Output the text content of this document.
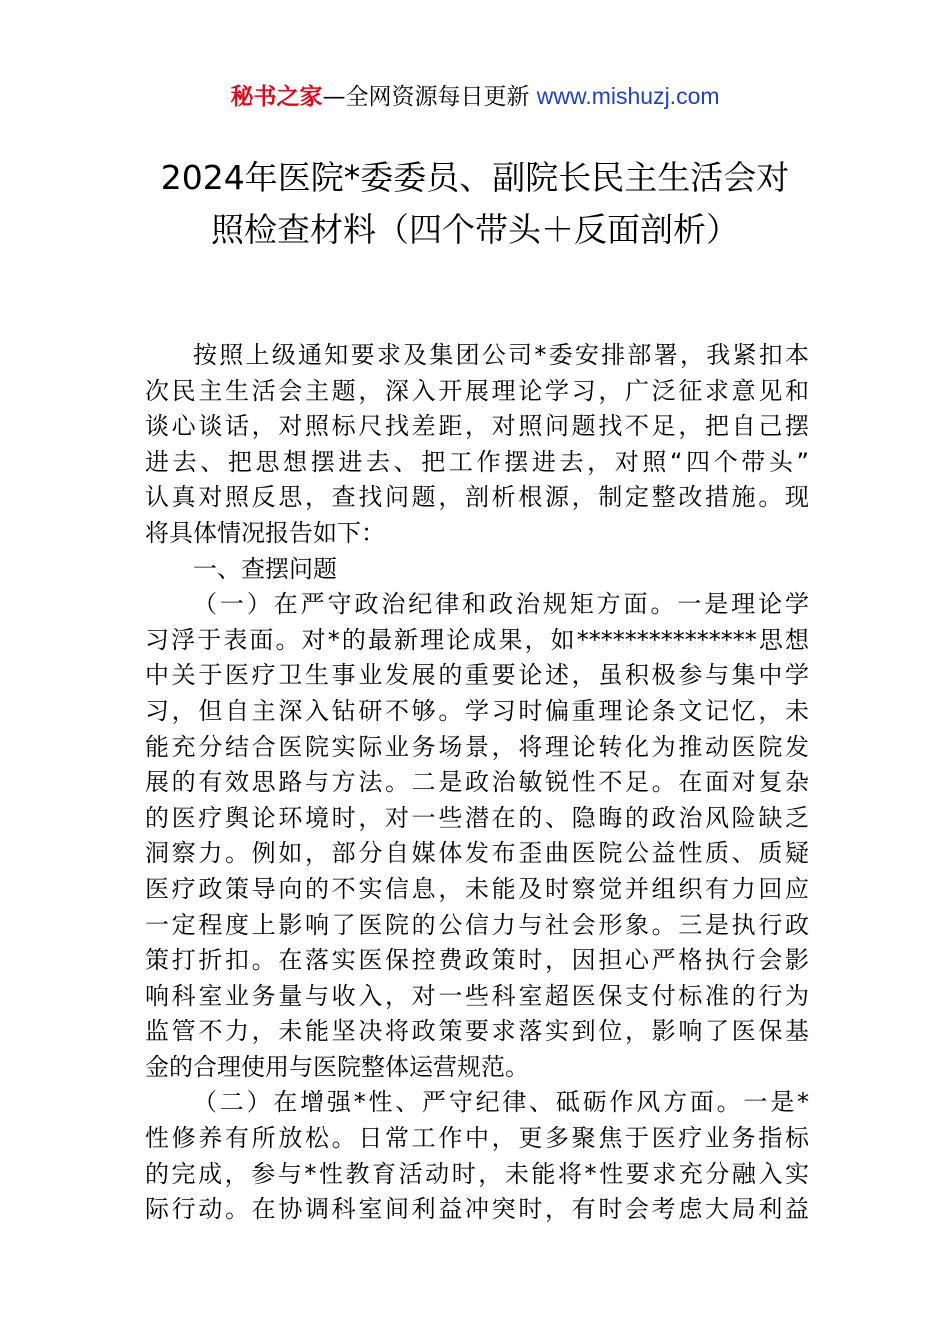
秘书之家—全网资源每日更新 www.mishuzj.com
2024年医院*委委员、副院长民主生活会对
照检查材料（四个带头＋反面剖析）
按照上级通知要求及集团公司*委安排部署，我紧扣本
次民主生活会主题，深入开展理论学习，广泛征求意见和
谈心谈话，对照标尺找差距，对照问题找不足，把自己摆
进去、把思想摆进去、把工作摆进去，对照“四个带头”
认真对照反思，查找问题，剖析根源，制定整改措施。现
将具体情况报告如下：
一、查摆问题
（一）在严守政治纪律和政治规矩方面。一是理论学
习浮于表面。对*的最新理论成果，如***************思想
中关于医疗卫生事业发展的重要论述，虽积极参与集中学
习，但自主深入钻研不够。学习时偏重理论条文记忆，未
能充分结合医院实际业务场景，将理论转化为推动医院发
展的有效思路与方法。二是政治敏锐性不足。在面对复杂
的医疗舆论环境时，对一些潜在的、隐晦的政治风险缺乏
洞察力。例如，部分自媒体发布歪曲医院公益性质、质疑
医疗政策导向的不实信息，未能及时察觉并组织有力回应
一定程度上影响了医院的公信力与社会形象。三是执行政
策打折扣。在落实医保控费政策时，因担心严格执行会影
响科室业务量与收入，对一些科室超医保支付标准的行为
监管不力，未能坚决将政策要求落实到位，影响了医保基
金的合理使用与医院整体运营规范。
（二）在增强*性、严守纪律、砥砺作风方面。一是*
性修养有所放松。日常工作中，更多聚焦于医疗业务指标
的完成，参与*性教育活动时，未能将*性要求充分融入实
际行动。在协调科室间利益冲突时，有时会考虑大局利益
